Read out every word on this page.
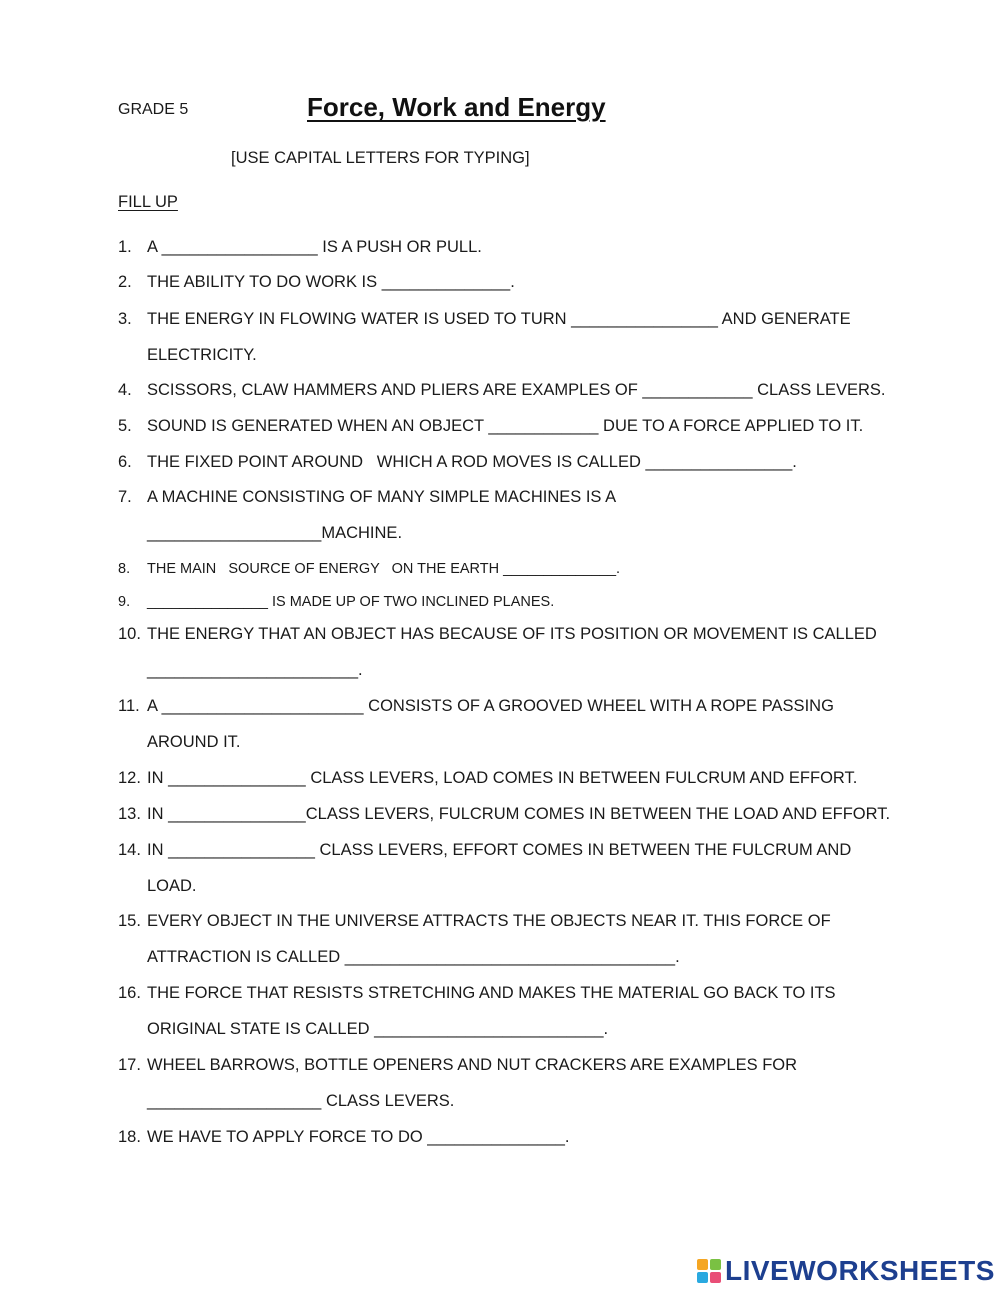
GRADE 5	Force, Work and Energy
[USE CAPITAL LETTERS FOR TYPING]
FILL UP
1. A _________________ IS A PUSH OR PULL.
2. THE ABILITY TO DO WORK IS ______________.
3. THE ENERGY IN FLOWING WATER IS USED TO TURN ________________ AND GENERATE
ELECTRICITY.
4. SCISSORS, CLAW HAMMERS AND PLIERS ARE EXAMPLES OF ____________ CLASS LEVERS.
5. SOUND IS GENERATED WHEN AN OBJECT ____________ DUE TO A FORCE APPLIED TO IT.
6. THE FIXED POINT AROUND   WHICH A ROD MOVES IS CALLED ________________.
7. A MACHINE CONSISTING OF MANY SIMPLE MACHINES IS A
___________________MACHINE.
8. THE MAIN   SOURCE OF ENERGY   ON THE EARTH ______________.
9. _______________ IS MADE UP OF TWO INCLINED PLANES.
10. THE ENERGY THAT AN OBJECT HAS BECAUSE OF ITS POSITION OR MOVEMENT IS CALLED
_______________________.
11. A ______________________ CONSISTS OF A GROOVED WHEEL WITH A ROPE PASSING
AROUND IT.
12. IN _______________ CLASS LEVERS, LOAD COMES IN BETWEEN FULCRUM AND EFFORT.
13. IN _______________CLASS LEVERS, FULCRUM COMES IN BETWEEN THE LOAD AND EFFORT.
14. IN ________________ CLASS LEVERS, EFFORT COMES IN BETWEEN THE FULCRUM AND
LOAD.
15. EVERY OBJECT IN THE UNIVERSE ATTRACTS THE OBJECTS NEAR IT. THIS FORCE OF
ATTRACTION IS CALLED ____________________________________.
16. THE FORCE THAT RESISTS STRETCHING AND MAKES THE MATERIAL GO BACK TO ITS
ORIGINAL STATE IS CALLED _________________________.
17. WHEEL BARROWS, BOTTLE OPENERS AND NUT CRACKERS ARE EXAMPLES FOR
___________________ CLASS LEVERS.
18. WE HAVE TO APPLY FORCE TO DO _______________.
LIVEWORKSHEETS
